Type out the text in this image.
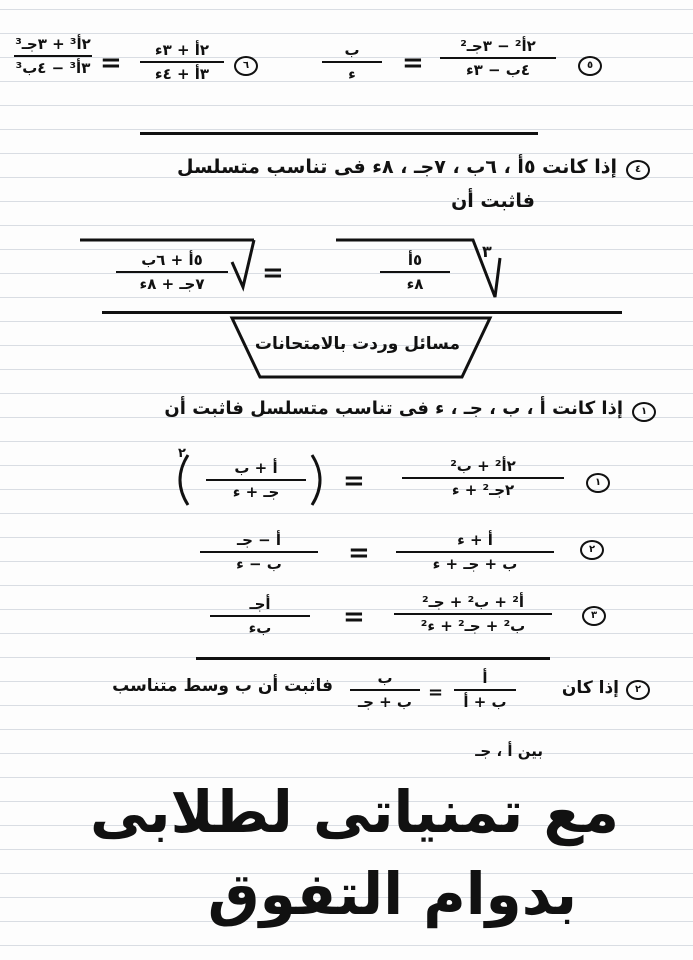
٢أ³ + ٣جـ³
٣أ³ − ٤ب³ =	٢أ + ٣ء
٣أ + ٤ء	٦
ب
ء	=
٢أ² − ٣جـ²
٤ب − ٣ء	٥
٤
إذا كانت ٥أ ، ٦ب ، ٧جـ ، ٨ء فى تناسب متسلسل
فاثبت أن
٥أ + ٦ب
٧جـ + ٨ء	=	٥أ
٨ء
٣
مسائل وردت بالامتحانات
١
إذا كانت أ ، ب ، جـ ، ء فى تناسب متسلسل فاثبت أن
أ + ب
جـ + ء
٢
=	٢أ² + ب²
٢جـ² + ء	١
أ − جـ
ب − ء	=	أ + ء
ب + جـ + ء
٢
أجـ
بء	=	أ² + ب² + جـ²
ب² + جـ² + ء²
٣
٢
إذا كان
أ
ب + أ
=
ب
ب + جـ
فاثبت أن ب وسط متناسب
بين أ ، جـ
مع تمنياتى لطلابى
بدوام التفوق
